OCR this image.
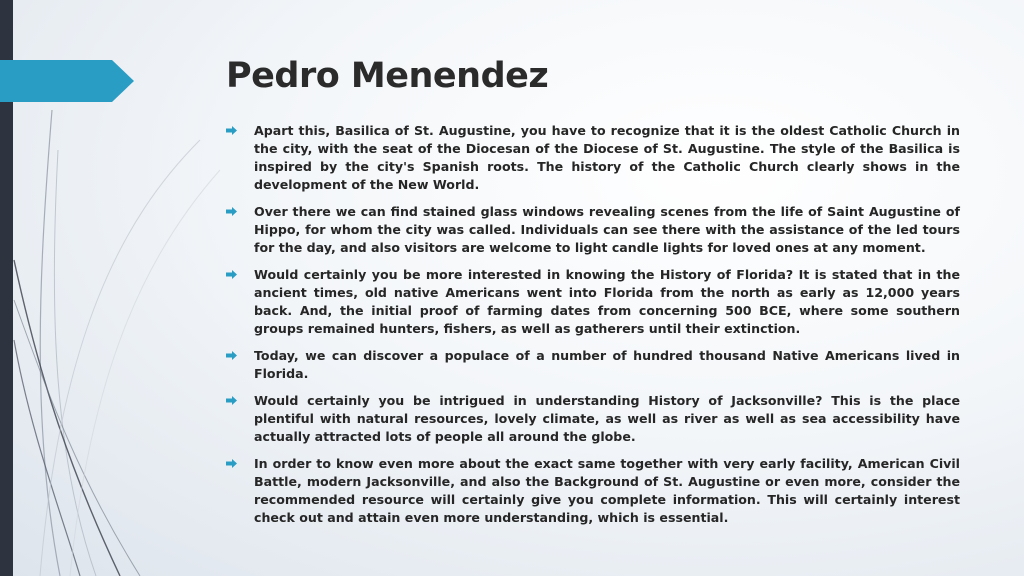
Pedro Menendez
Apart this, Basilica of St. Augustine, you have to recognize that it is the oldest Catholic Church in the city, with the seat of the Diocesan of the Diocese of St. Augustine. The style of the Basilica is inspired by the city's Spanish roots. The history of the Catholic Church clearly shows in the development of the New World.
Over there we can find stained glass windows revealing scenes from the life of Saint Augustine of Hippo, for whom the city was called. Individuals can see there with the assistance of the led tours for the day, and also visitors are welcome to light candle lights for loved ones at any moment.
Would certainly you be more interested in knowing the History of Florida? It is stated that in the ancient times, old native Americans went into Florida from the north as early as 12,000 years back. And, the initial proof of farming dates from concerning 500 BCE, where some southern groups remained hunters, fishers, as well as gatherers until their extinction.
Today, we can discover a populace of a number of hundred thousand Native Americans lived in Florida.
Would certainly you be intrigued in understanding History of Jacksonville? This is the place plentiful with natural resources, lovely climate, as well as river as well as sea accessibility have actually attracted lots of people all around the globe.
In order to know even more about the exact same together with very early facility, American Civil Battle, modern Jacksonville, and also the Background of St. Augustine or even more, consider the recommended resource will certainly give you complete information. This will certainly interest check out and attain even more understanding, which is essential.
